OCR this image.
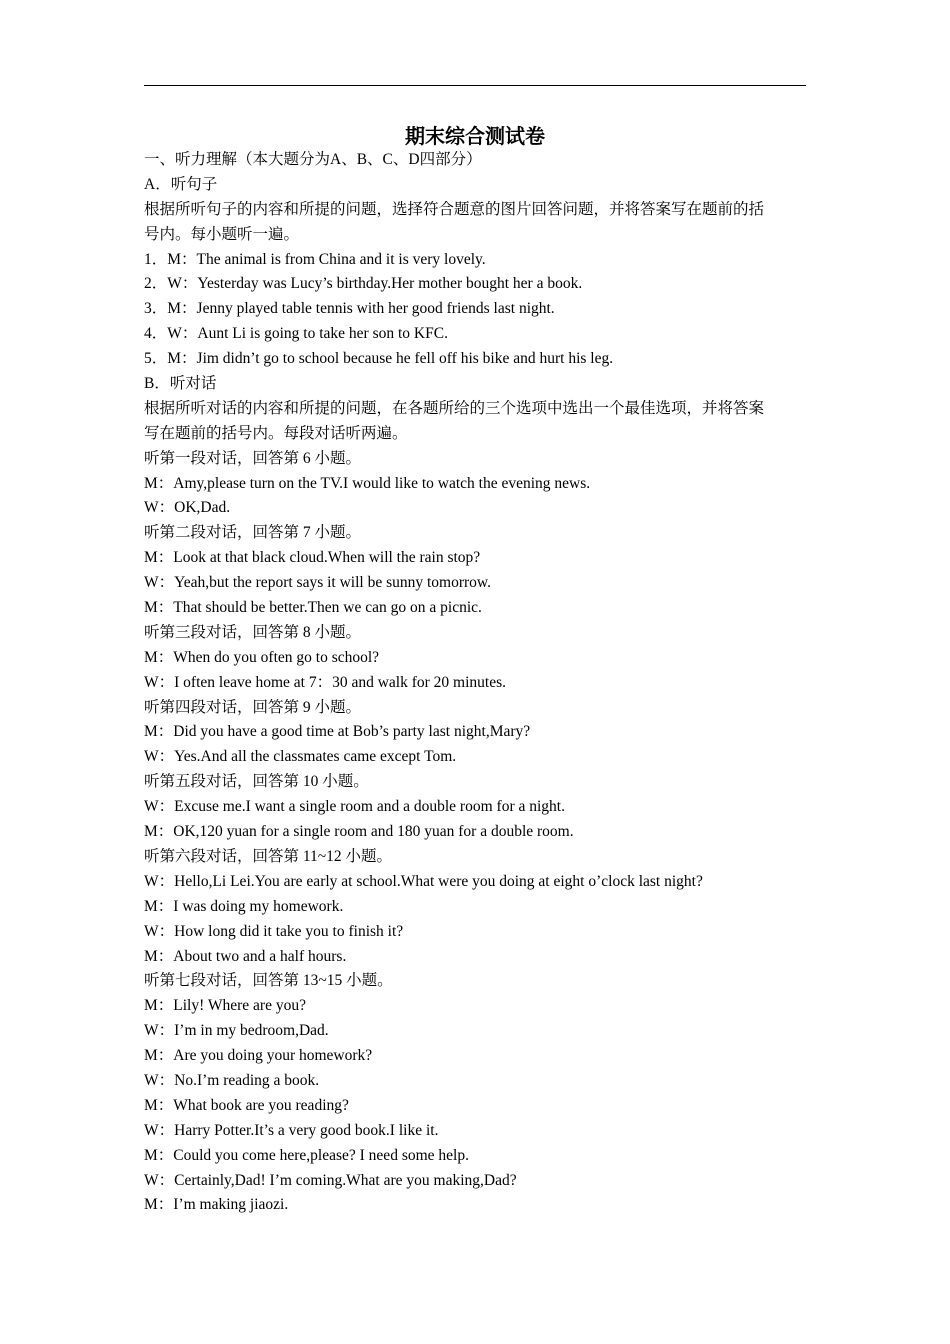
期末综合测试卷
一、听力理解（本大题分为A、B、C、D四部分）
A．听句子
根据所听句子的内容和所提的问题，选择符合题意的图片回答问题，并将答案写在题前的括
号内。每小题听一遍。
1．M：The animal is from China and it is very lovely.
2．W：Yesterday was Lucy’s birthday.Her mother bought her a book.
3．M：Jenny played table tennis with her good friends last night.
4．W：Aunt Li is going to take her son to KFC.
5．M：Jim didn’t go to school because he fell off his bike and hurt his leg.
B．听对话
根据所听对话的内容和所提的问题，在各题所给的三个选项中选出一个最佳选项，并将答案
写在题前的括号内。每段对话听两遍。
听第一段对话，回答第 6 小题。
M：Amy,please turn on the TV.I would like to watch the evening news.
W：OK,Dad.
听第二段对话，回答第 7 小题。
M：Look at that black cloud.When will the rain stop?
W：Yeah,but the report says it will be sunny tomorrow.
M：That should be better.Then we can go on a picnic.
听第三段对话，回答第 8 小题。
M：When do you often go to school?
W：I often leave home at 7：30 and walk for 20 minutes.
听第四段对话，回答第 9 小题。
M：Did you have a good time at Bob’s party last night,Mary?
W：Yes.And all the classmates came except Tom.
听第五段对话，回答第 10 小题。
W：Excuse me.I want a single room and a double room for a night.
M：OK,120 yuan for a single room and 180 yuan for a double room.
听第六段对话，回答第 11~12 小题。
W：Hello,Li Lei.You are early at school.What were you doing at eight o’clock last night?
M：I was doing my homework.
W：How long did it take you to finish it?
M：About two and a half hours.
听第七段对话，回答第 13~15 小题。
M：Lily! Where are you?
W：I’m in my bedroom,Dad.
M：Are you doing your homework?
W：No.I’m reading a book.
M：What book are you reading?
W：Harry Potter.It’s a very good book.I like it.
M：Could you come here,please? I need some help.
W：Certainly,Dad! I’m coming.What are you making,Dad?
M：I’m making jiaozi.
